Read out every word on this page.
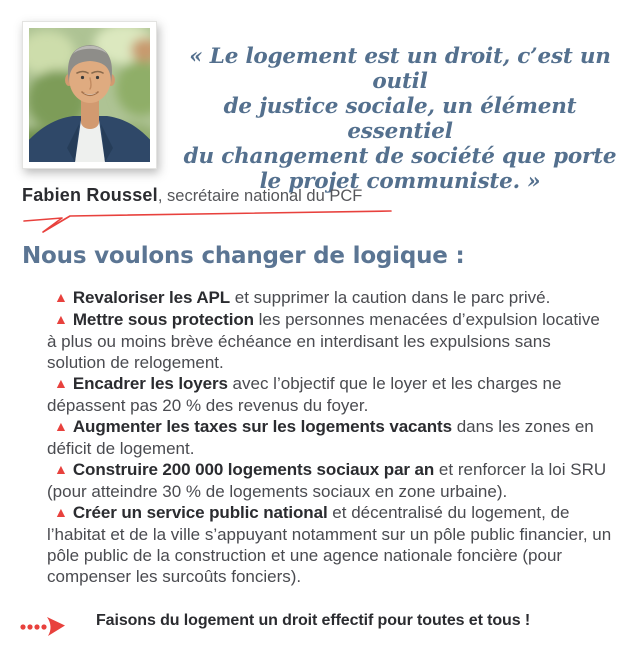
« Le logement est un droit, c’est un outil
de justice sociale, un élément essentiel
du changement de société que porte
le projet communiste. »
Fabien Roussel, secrétaire national du PCF
Nous voulons changer de logique :

▲ Revaloriser les APL et supprimer la caution dans le parc privé.

▲ Mettre sous protection les personnes menacées d’expulsion locative à plus ou moins brève échéance en interdisant les expulsions sans solution de relogement.

▲ Encadrer les loyers avec l’objectif que le loyer et les charges ne dépassent pas 20 % des revenus du foyer.

▲ Augmenter les taxes sur les logements vacants dans les zones en déficit de logement.

▲ Construire 200 000 logements sociaux par an et renforcer la loi SRU (pour atteindre 30 % de logements sociaux en zone urbaine).

▲ Créer un service public national et décentralisé du logement, de l’habitat et de la ville s’appuyant notamment sur un pôle public financier, un pôle public de la construction et une agence nationale foncière (pour compenser les surcoûts fonciers).

Faisons du logement un droit effectif pour toutes et tous !
